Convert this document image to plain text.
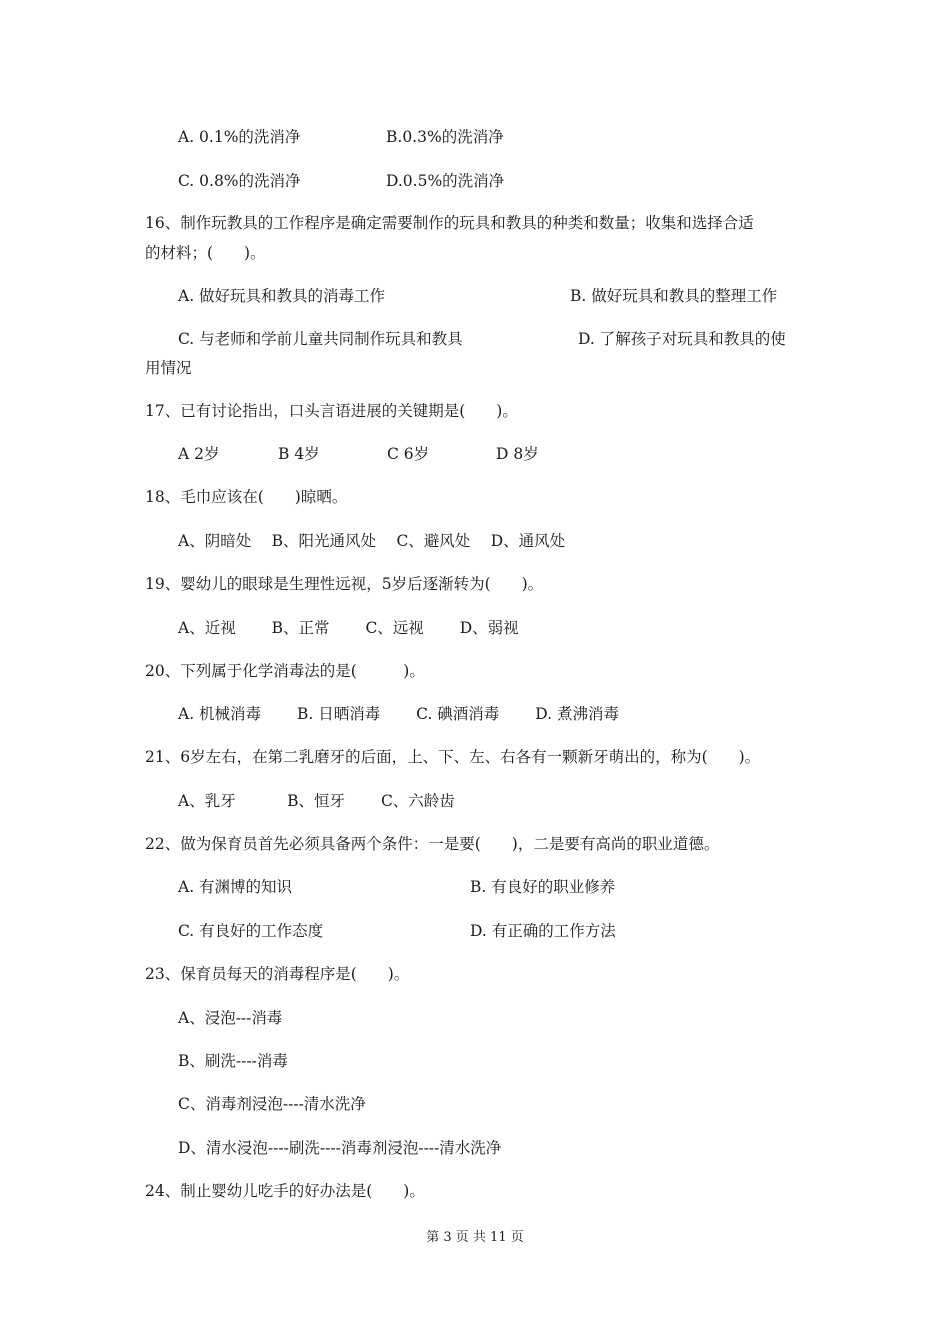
A. 0.1%的洗消净	B.0.3%的洗消净
C. 0.8%的洗消净	D.0.5%的洗消净
16、制作玩教具的工作程序是确定需要制作的玩具和教具的种类和数量；收集和选择合适
的材料；(　　)。
A. 做好玩具和教具的消毒工作	B. 做好玩具和教具的整理工作
C. 与老师和学前儿童共同制作玩具和教具	D. 了解孩子对玩具和教具的使
用情况
17、已有讨论指出，口头言语进展的关键期是(　　)。
A 2岁	B 4岁	C 6岁	D 8岁
18、毛巾应该在(　　)晾晒。
A、阴暗处　 B、阳光通风处　 C、避风处　 D、通风处
19、婴幼儿的眼球是生理性远视，5岁后逐渐转为(　　)。
A、近视　 　B、正常　 　C、远视　 　D、弱视
20、下列属于化学消毒法的是(　　　)。
A. 机械消毒　 　B. 日晒消毒　 　C. 碘酒消毒　 　D. 煮沸消毒
21、6岁左右，在第二乳磨牙的后面，上、下、左、右各有一颗新牙萌出的，称为(　　)。
A、乳牙　　　 B、恒牙　　 C、六龄齿
22、做为保育员首先必须具备两个条件：一是要(　　)，二是要有高尚的职业道德。
A. 有渊博的知识	B. 有良好的职业修养
C. 有良好的工作态度	D. 有正确的工作方法
23、保育员每天的消毒程序是(　　)。
A、浸泡---消毒
B、刷洗----消毒
C、消毒剂浸泡----清水洗净
D、清水浸泡----刷洗----消毒剂浸泡----清水洗净
24、制止婴幼儿吃手的好办法是(　　)。
第 3 页 共 11 页
